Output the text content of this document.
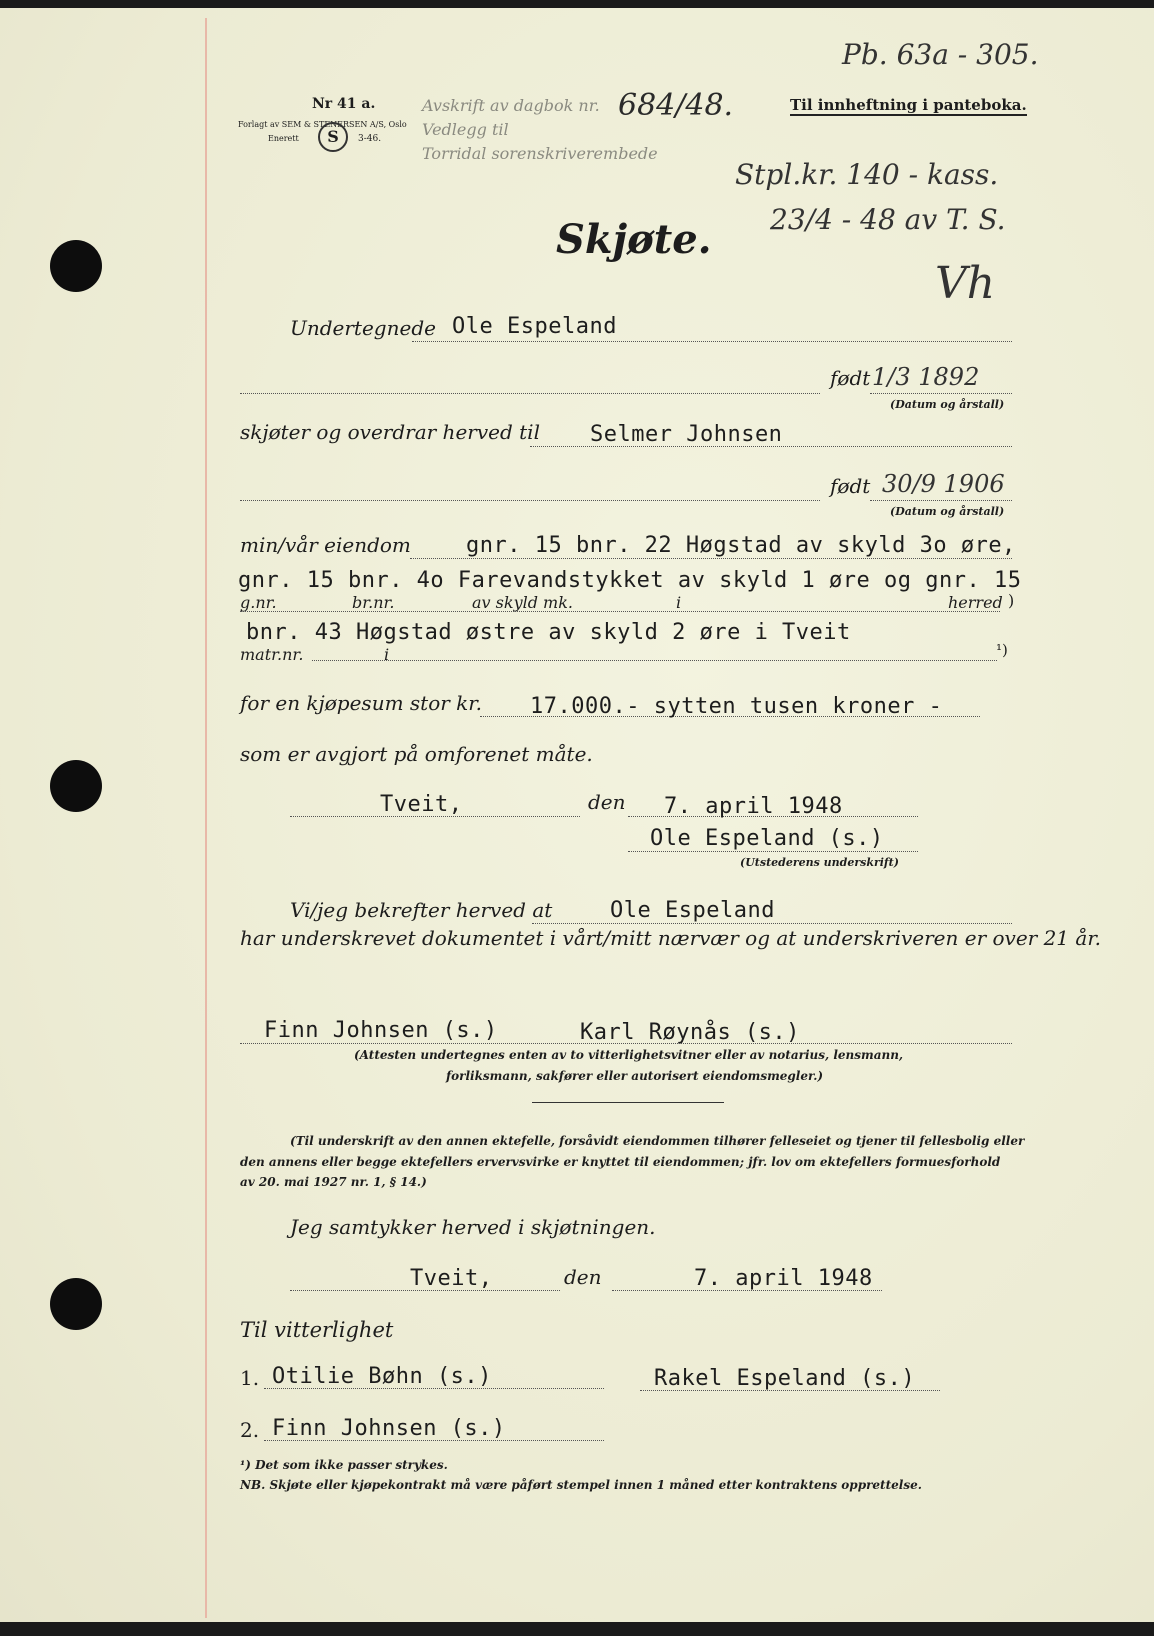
Pb. 63a - 305.
Stpl.kr. 140 - kass.
23/4 - 48 av T. S.
Vh
Nr 41 a.
Forlagt av SEM & STENERSEN A/S, Oslo
Enerett	S	3-46.
Avskrift av dagbok nr. 684/48.
Vedlegg til
Torridal sorenskriverembede
Til innheftning i panteboka.
Skjøte.
Undertegnede Ole Espeland
født 1/3 1892
(Datum og årstall)
skjøter og overdrar herved til Selmer Johnsen
født 30/9 1906
(Datum og årstall)
min/vår eiendom	gnr. 15 bnr. 22 Høgstad av skyld 3o øre,
gnr. 15 bnr. 4o Farevandstykket av skyld 1 øre og gnr. 15
g.nr.	br.nr.	av skyld mk.	i	herred )
bnr. 43 Høgstad østre av skyld 2 øre i Tveit
matr.nr.	i	¹)
for en kjøpesum stor kr. 17.000.- sytten tusen kroner -
som er avgjort på omforenet måte.
Tveit,	den 7. april 1948
Ole Espeland (s.)
(Utstederens underskrift)
Vi/jeg bekrefter herved at	Ole Espeland
har underskrevet dokumentet i vårt/mitt nærvær og at underskriveren er over 21 år.
Finn Johnsen (s.)	Karl Røynås (s.)
(Attesten undertegnes enten av to vitterlighetsvitner eller av notarius, lensmann,
forliksmann, sakfører eller autorisert eiendomsmegler.)
(Til underskrift av den annen ektefelle, forsåvidt eiendommen tilhører felleseiet og tjener til fellesbolig eller
den annens eller begge ektefellers ervervsvirke er knyttet til eiendommen; jfr. lov om ektefellers formuesforhold
av 20. mai 1927 nr. 1, § 14.)
Jeg samtykker herved i skjøtningen.
Tveit,	den	7. april 1948
Til vitterlighet
1. Otilie Bøhn (s.)	Rakel Espeland (s.)
2. Finn Johnsen (s.)
¹) Det som ikke passer strykes.
NB. Skjøte eller kjøpekontrakt må være påført stempel innen 1 måned etter kontraktens opprettelse.
